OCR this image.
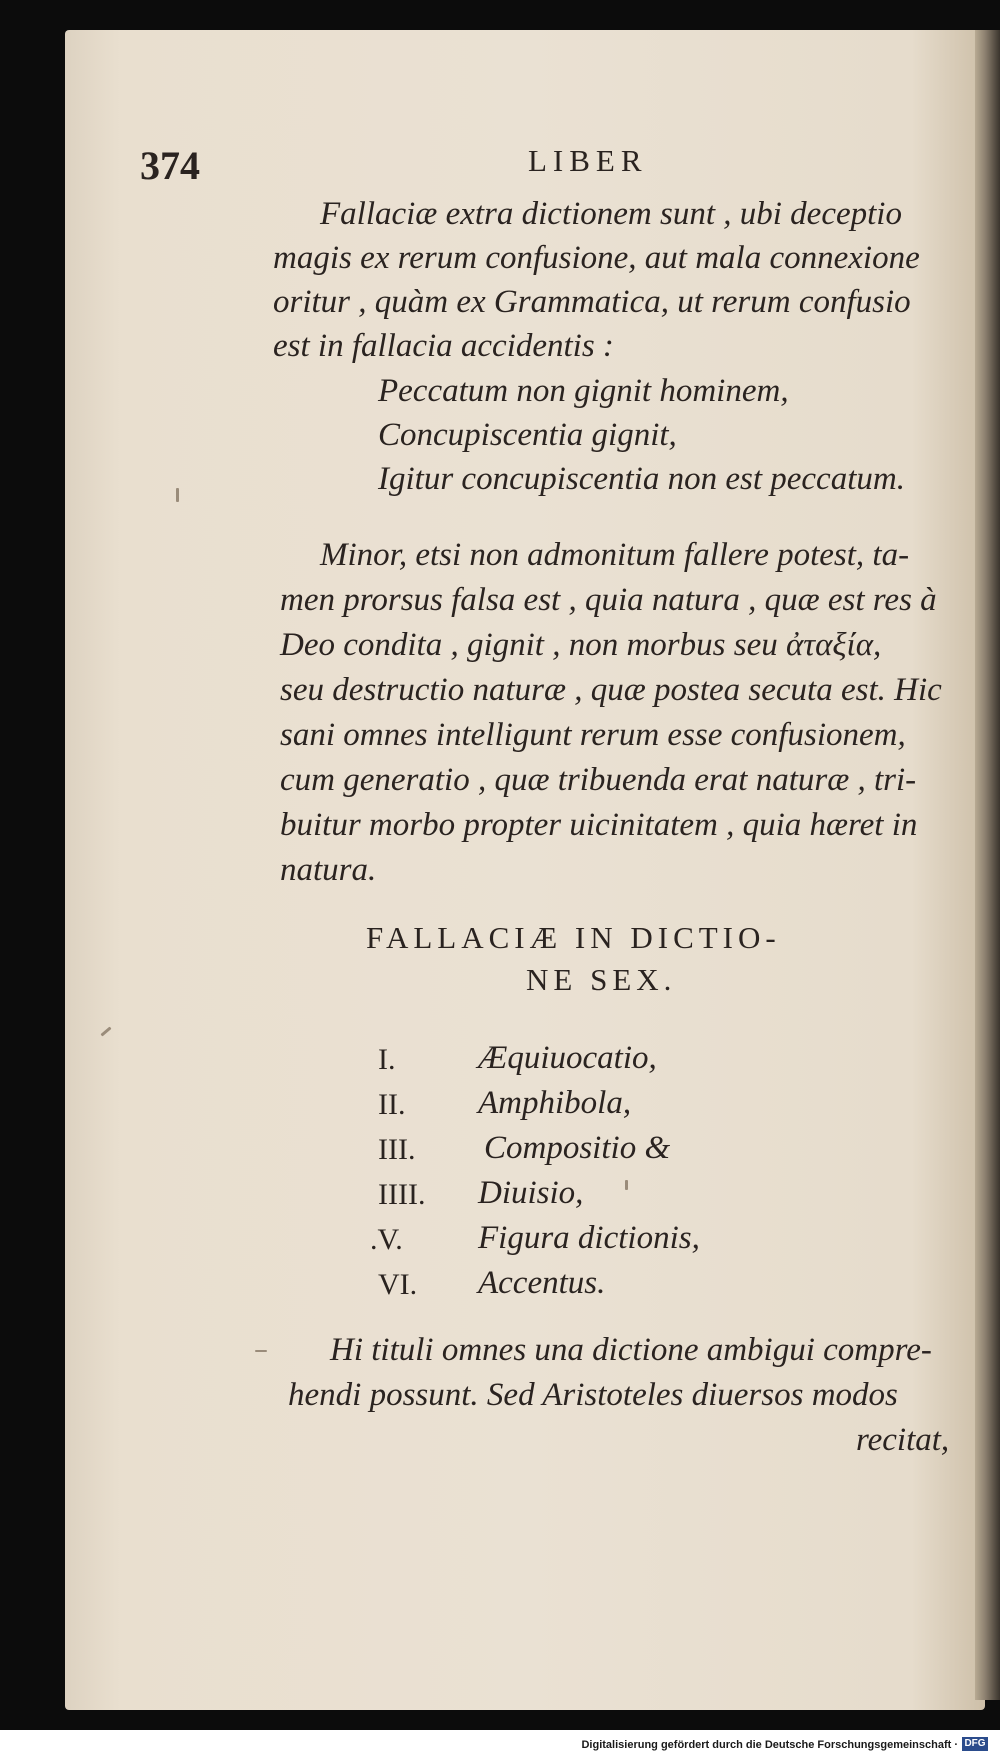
374	LIBER
Fallaciæ extra dictionem sunt , ubi deceptio
magis ex rerum confusione, aut mala connexione
oritur , quàm ex Grammatica, ut rerum confusio
est in fallacia accidentis :
Peccatum non gignit hominem,
Concupiscentia gignit,
Igitur concupiscentia non est peccatum.
Minor, etsi non admonitum fallere potest, ta-
men prorsus falsa est , quia natura , quæ est res à
Deo condita , gignit , non morbus seu ἀταξία,
seu destructio naturæ , quæ postea secuta est. Hic
sani omnes intelligunt rerum esse confusionem,
cum generatio , quæ tribuenda erat naturæ , tri-
buitur morbo propter uicinitatem , quia hæret in
natura.
FALLACIÆ IN DICTIO-
NE SEX.
I.	Æquiuocatio,
II. Amphibola,
III. Compositio &
IIII. Diuisio,
.V. Figura dictionis,
VI. Accentus.
Hi tituli omnes una dictione ambigui compre-
hendi possunt. Sed Aristoteles diuersos modos
recitat,
Digitalisierung gefördert durch die Deutsche Forschungsgemeinschaft · DFG
